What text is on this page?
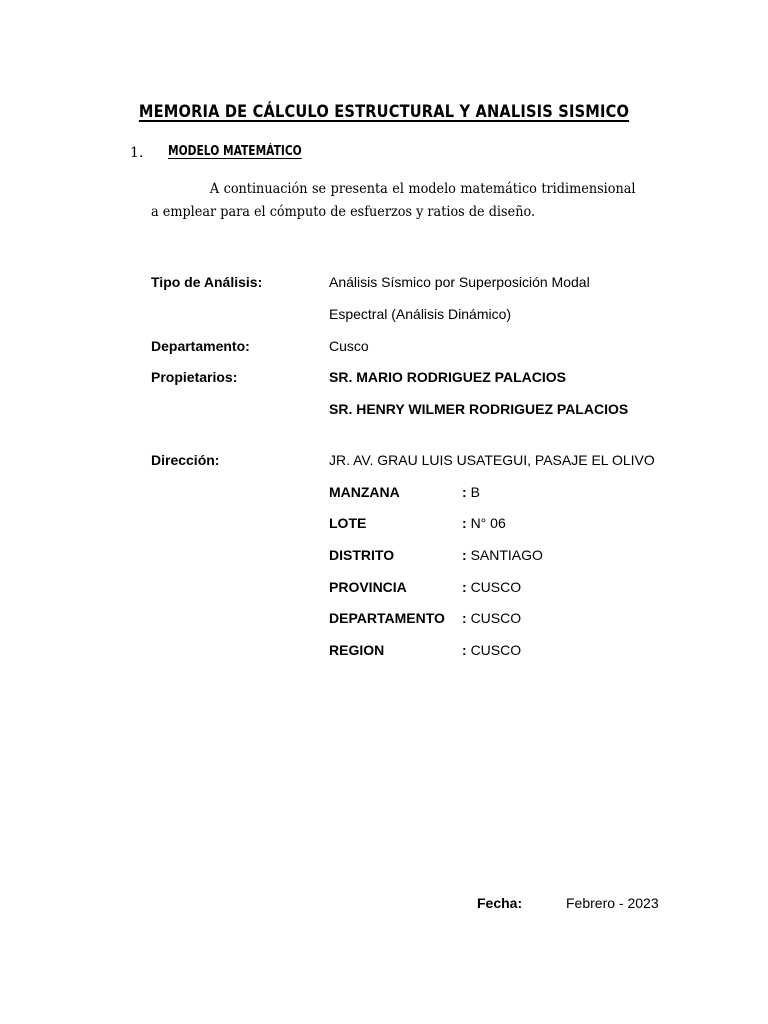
MEMORIA DE CÁLCULO ESTRUCTURAL Y ANALISIS SISMICO
1. MODELO MATEMÁTICO
A continuación se presenta el modelo matemático tridimensional a emplear para el cómputo de esfuerzos y ratios de diseño.
Tipo de Análisis:	Análisis Sísmico por Superposición Modal
Espectral (Análisis Dinámico)
Departamento:	Cusco
Propietarios:	SR. MARIO RODRIGUEZ PALACIOS
SR. HENRY WILMER RODRIGUEZ PALACIOS
Dirección:	JR. AV. GRAU LUIS USATEGUI, PASAJE EL OLIVO
MANZANA	: B
LOTE	: N° 06
DISTRITO	: SANTIAGO
PROVINCIA	: CUSCO
DEPARTAMENTO : CUSCO
REGION	: CUSCO
Fecha:	Febrero - 2023
